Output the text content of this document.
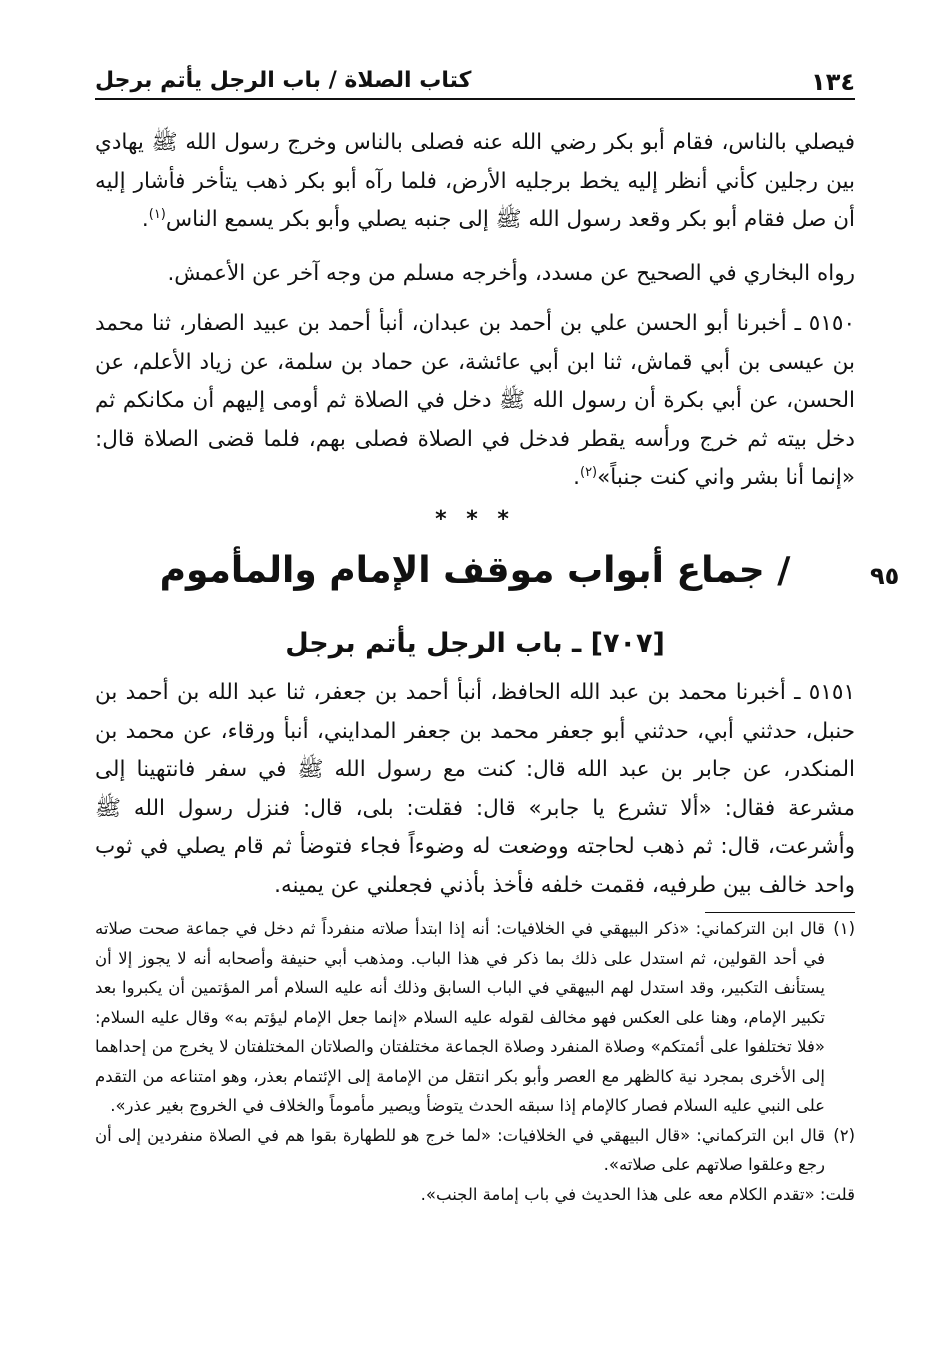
١٣٤
كتاب الصلاة / باب الرجل يأتم برجل
فيصلي بالناس، فقام أبو بكر رضي الله عنه فصلى بالناس وخرج رسول الله ﷺ يهادي بين رجلين كأني أنظر إليه يخط برجليه الأرض، فلما رآه أبو بكر ذهب يتأخر فأشار إليه أن صل فقام أبو بكر وقعد رسول الله ﷺ إلى جنبه يصلي وأبو بكر يسمع الناس$^{(١)}$.
رواه البخاري في الصحيح عن مسدد، وأخرجه مسلم من وجه آخر عن الأعمش.
٥١٥٠ ـ أخبرنا أبو الحسن علي بن أحمد بن عبدان، أنبأ أحمد بن عبيد الصفار، ثنا محمد بن عيسى بن أبي قماش، ثنا ابن أبي عائشة، عن حماد بن سلمة، عن زياد الأعلم، عن الحسن، عن أبي بكرة أن رسول الله ﷺ دخل في الصلاة ثم أومى إليهم أن مكانكم ثم دخل بيته ثم خرج ورأسه يقطر فدخل في الصلاة فصلى بهم، فلما قضى الصلاة قال: «إنما أنا بشر واني كنت جنباً»$^{(٢)}$.
* * *
/ جماع أبواب موقف الإمام والمأموم	٩٥
[٧٠٧] ـ باب الرجل يأتم برجل
٥١٥١ ـ أخبرنا محمد بن عبد الله الحافظ، أنبأ أحمد بن جعفر، ثنا عبد الله بن أحمد بن حنبل، حدثني أبي، حدثني أبو جعفر محمد بن جعفر المدايني، أنبأ ورقاء، عن محمد بن المنكدر، عن جابر بن عبد الله قال: كنت مع رسول الله ﷺ في سفر فانتهينا إلى مشرعة فقال: «ألا تشرع يا جابر» قال: فقلت: بلى، قال: فنزل رسول الله ﷺ وأشرعت، قال: ثم ذهب لحاجته ووضعت له وضوءاً فجاء فتوضأ ثم قام يصلي في ثوب واحد خالف بين طرفيه، فقمت خلفه فأخذ بأذني فجعلني عن يمينه.
(١)قال ابن التركماني: «ذكر البيهقي في الخلافيات: أنه إذا ابتدأ صلاته منفرداً ثم دخل في جماعة صحت صلاته في أحد القولين، ثم استدل على ذلك بما ذكر في هذا الباب. ومذهب أبي حنيفة وأصحابه أنه لا يجوز إلا أن يستأنف التكبير، وقد استدل لهم البيهقي في الباب السابق وذلك أنه عليه السلام أمر المؤتمين أن يكبروا بعد تكبير الإمام، وهنا على العكس فهو مخالف لقوله عليه السلام «إنما جعل الإمام ليؤتم به» وقال عليه السلام: «فلا تختلفوا على أئمتكم» وصلاة المنفرد وصلاة الجماعة مختلفتان والصلاتان المختلفتان لا يخرج من إحداهما إلى الأخرى بمجرد نية كالظهر مع العصر وأبو بكر انتقل من الإمامة إلى الإئتمام بعذر، وهو امتناعه من التقدم على النبي عليه السلام فصار كالإمام إذا سبقه الحدث يتوضأ ويصير مأموماً والخلاف في الخروج بغير عذر».
(٢)قال ابن التركماني: «قال البيهقي في الخلافيات: «لما خرج هو للطهارة بقوا هم في الصلاة منفردين إلى أن رجع وعلقوا صلاتهم على صلاته».
قلت: «تقدم الكلام معه على هذا الحديث في باب إمامة الجنب».
